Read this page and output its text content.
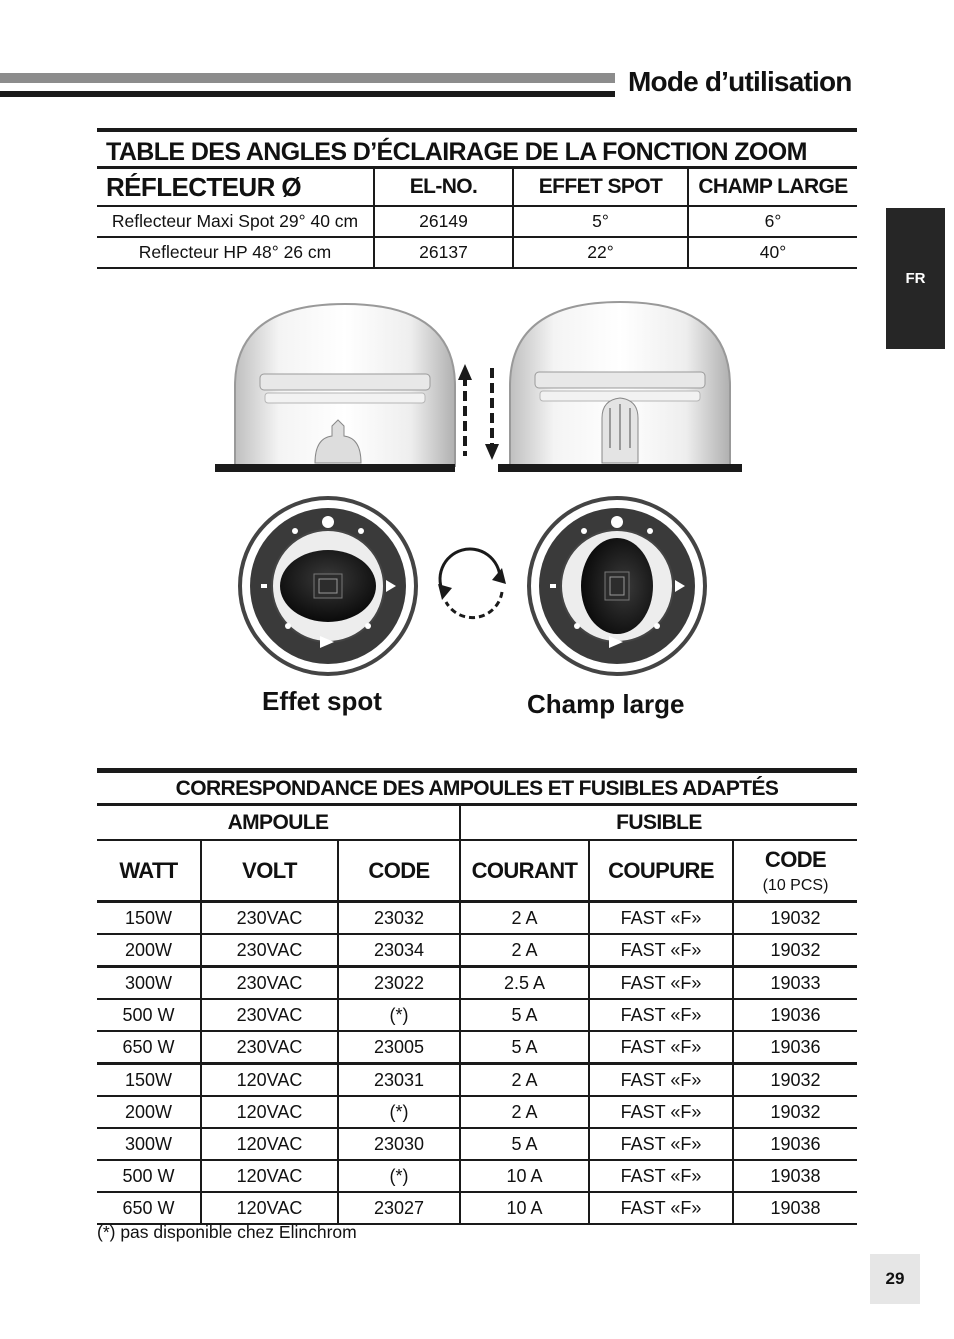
Mode d’utilisation
FR
TABLE DES ANGLES D’ÉCLAIRAGE DE LA FONCTION ZOOM
RÉFLECTEUR Ø	EL-NO.	EFFET SPOT	CHAMP LARGE
Reflecteur Maxi Spot 29° 40 cm	26149	5°	6°
Reflecteur HP 48° 26 cm	26137	22°	40°
Effet spot	Champ large
CORRESPONDANCE DES AMPOULES ET FUSIBLES ADAPTÉS
AMPOULE	FUSIBLE
WATT	VOLT	CODE	COURANT	COUPURE	CODE
(10 PCS)
150W	230VAC	23032	2 A	FAST «F»	19032
200W	230VAC	23034	2 A	FAST «F»	19032
300W	230VAC	23022	2.5 A	FAST «F»	19033
500 W	230VAC	(*)	5 A	FAST «F»	19036
650 W	230VAC	23005	5 A	FAST «F»	19036
150W	120VAC	23031	2 A	FAST «F»	19032
200W	120VAC	(*)	2 A	FAST «F»	19032
300W	120VAC	23030	5 A	FAST «F»	19036
500 W	120VAC	(*)	10 A	FAST «F»	19038
650 W	120VAC	23027	10 A	FAST «F»	19038
(*) pas disponible chez Elinchrom
29
